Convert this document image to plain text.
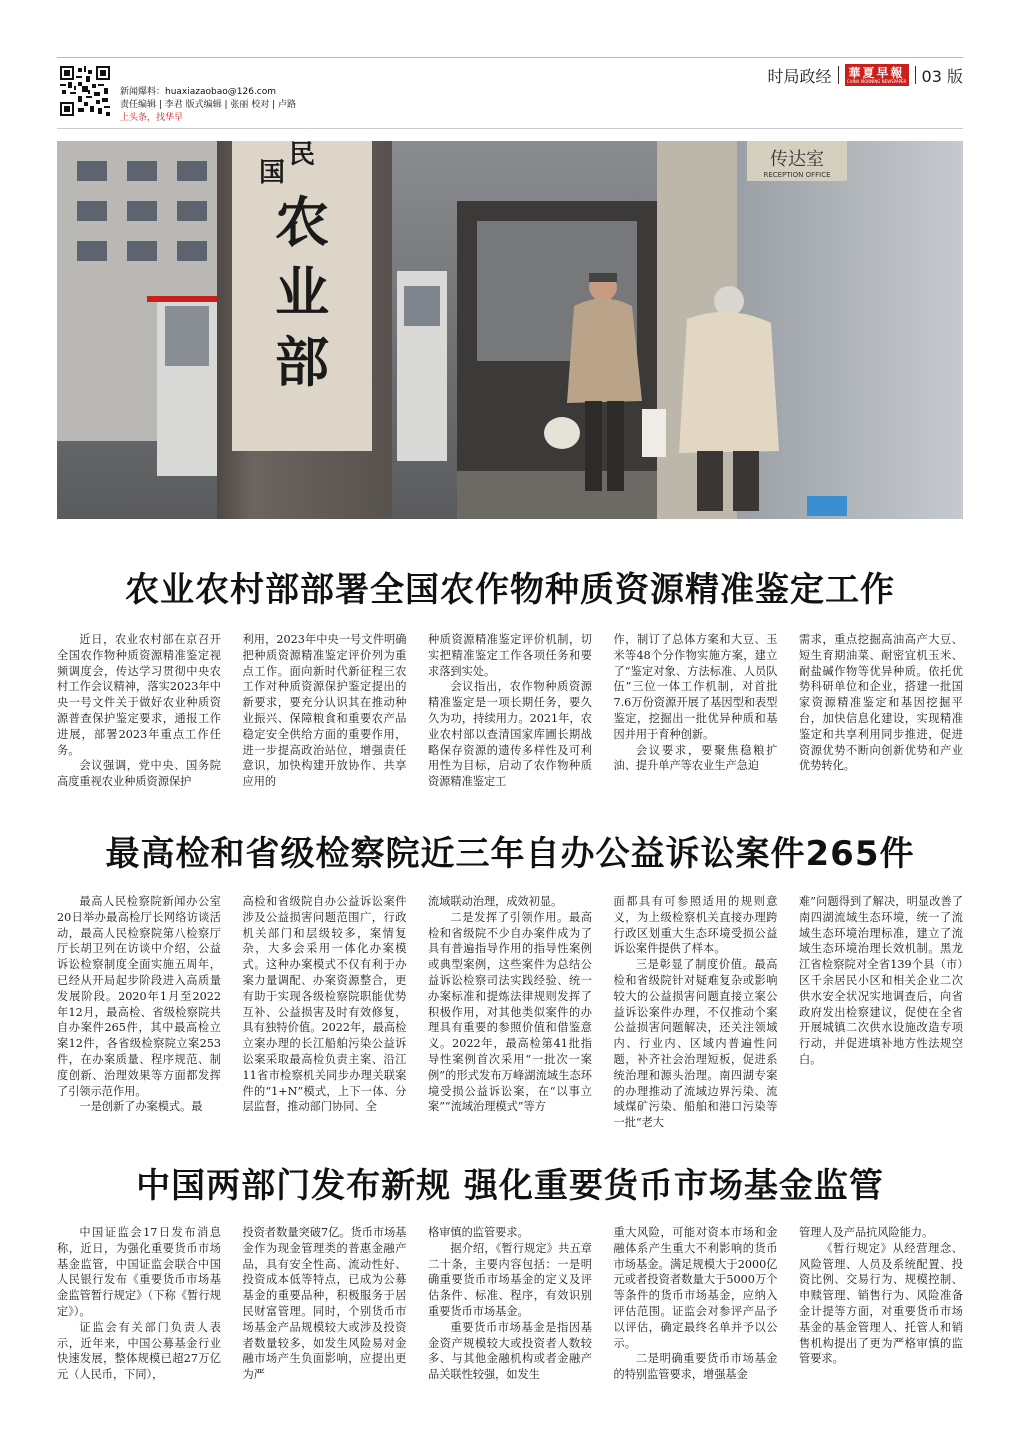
新闻爆料：huaxiazaobao@126.com
责任编辑 | 李君 版式编辑 | 张丽 校对 | 卢路
上头条，找华早
时局政经 華夏早報
CHINA MORNING NEWSPAPER 03 版
民
国
农
业
部
传达室
RECEPTION OFFICE
农业农村部部署全国农作物种质资源精准鉴定工作

近日，农业农村部在京召开全国农作物种质资源精准鉴定视频调度会，传达学习贯彻中央农村工作会议精神，落实2023年中央一号文件关于做好农业种质资源普查保护鉴定要求，通报工作进展，部署2023年重点工作任务。

会议强调，党中央、国务院高度重视农业种质资源保护

利用，2023年中央一号文件明确把种质资源精准鉴定评价列为重点工作。面向新时代新征程三农工作对种质资源保护鉴定提出的新要求，要充分认识其在推动种业振兴、保障粮食和重要农产品稳定安全供给方面的重要作用，进一步提高政治站位，增强责任意识，加快构建开放协作、共享应用的

种质资源精准鉴定评价机制，切实把精准鉴定工作各项任务和要求落到实处。

会议指出，农作物种质资源精准鉴定是一项长期任务，要久久为功，持续用力。2021年，农业农村部以查清国家库圃长期战略保存资源的遗传多样性及可利用性为目标，启动了农作物种质资源精准鉴定工

作，制订了总体方案和大豆、玉米等48个分作物实施方案，建立了“鉴定对象、方法标准、人员队伍”三位一体工作机制，对首批7.6万份资源开展了基因型和表型鉴定，挖掘出一批优异种质和基因并用于育种创新。

会议要求，要聚焦稳粮扩油、提升单产等农业生产急迫

需求，重点挖掘高油高产大豆、短生育期油菜、耐密宜机玉米、耐盐碱作物等优异种质。依托优势科研单位和企业，搭建一批国家资源精准鉴定和基因挖掘平台，加快信息化建设，实现精准鉴定和共享利用同步推进，促进资源优势不断向创新优势和产业优势转化。

最高检和省级检察院近三年自办公益诉讼案件265件

最高人民检察院新闻办公室20日举办最高检厅长网络访谈活动，最高人民检察院第八检察厅厅长胡卫列在访谈中介绍，公益诉讼检察制度全面实施五周年，已经从开局起步阶段进入高质量发展阶段。2020年1月至2022年12月，最高检、省级检察院共自办案件265件，其中最高检立案12件，各省级检察院立案253件，在办案质量、程序规范、制度创新、治理效果等方面都发挥了引领示范作用。

一是创新了办案模式。最

高检和省级院自办公益诉讼案件涉及公益损害问题范围广，行政机关部门和层级较多，案情复杂，大多会采用一体化办案模式。这种办案模式不仅有利于办案力量调配、办案资源整合，更有助于实现各级检察院职能优势互补、公益损害及时有效修复，具有独特价值。2022年，最高检立案办理的长江船舶污染公益诉讼案采取最高检负责主案、沿江11省市检察机关同步办理关联案件的“1+N”模式，上下一体、分层监督，推动部门协同、全

流域联动治理，成效初显。

二是发挥了引领作用。最高检和省级院不少自办案件成为了具有普遍指导作用的指导性案例或典型案例，这些案件为总结公益诉讼检察司法实践经验、统一办案标准和提炼法律规则发挥了积极作用，对其他类似案件的办理具有重要的参照价值和借鉴意义。2022年，最高检第41批指导性案例首次采用“一批次一案例”的形式发布万峰湖流域生态环境受损公益诉讼案，在“以事立案”“流域治理模式”等方

面都具有可参照适用的规则意义，为上级检察机关直接办理跨行政区划重大生态环境受损公益诉讼案件提供了样本。

三是彰显了制度价值。最高检和省级院针对疑难复杂或影响较大的公益损害问题直接立案公益诉讼案件办理，不仅推动个案公益损害问题解决，还关注领域内、行业内、区域内普遍性问题，补齐社会治理短板，促进系统治理和源头治理。南四湖专案的办理推动了流域边界污染、流域煤矿污染、船舶和港口污染等一批“老大

难”问题得到了解决，明显改善了南四湖流域生态环境，统一了流域生态环境治理标准，建立了流域生态环境治理长效机制。黑龙江省检察院对全省139个县（市）区千余居民小区和相关企业二次供水安全状况实地调查后，向省政府发出检察建议，促使在全省开展城镇二次供水设施改造专项行动，并促进填补地方性法规空白。

中国两部门发布新规 强化重要货币市场基金监管

中国证监会17日发布消息称，近日，为强化重要货币市场基金监管，中国证监会联合中国人民银行发布《重要货币市场基金监管暂行规定》（下称《暂行规定》）。

证监会有关部门负责人表示，近年来，中国公募基金行业快速发展，整体规模已超27万亿元（人民币，下同），

投资者数量突破7亿。货币市场基金作为现金管理类的普惠金融产品，具有安全性高、流动性好、投资成本低等特点，已成为公募基金的重要品种，积极服务于居民财富管理。同时，个别货币市场基金产品规模较大或涉及投资者数量较多，如发生风险易对金融市场产生负面影响，应提出更为严

格审慎的监管要求。

据介绍，《暂行规定》共五章二十条，主要内容包括：一是明确重要货币市场基金的定义及评估条件、标准、程序，有效识别重要货币市场基金。

重要货币市场基金是指因基金资产规模较大或投资者人数较多、与其他金融机构或者金融产品关联性较强，如发生

重大风险，可能对资本市场和金融体系产生重大不利影响的货币市场基金。满足规模大于2000亿元或者投资者数量大于5000万个等条件的货币市场基金，应纳入评估范围。证监会对参评产品予以评估，确定最终名单并予以公示。

二是明确重要货币市场基金的特别监管要求，增强基金

管理人及产品抗风险能力。

《暂行规定》从经营理念、风险管理、人员及系统配置、投资比例、交易行为、规模控制、申赎管理、销售行为、风险准备金计提等方面，对重要货币市场基金的基金管理人、托管人和销售机构提出了更为严格审慎的监管要求。
